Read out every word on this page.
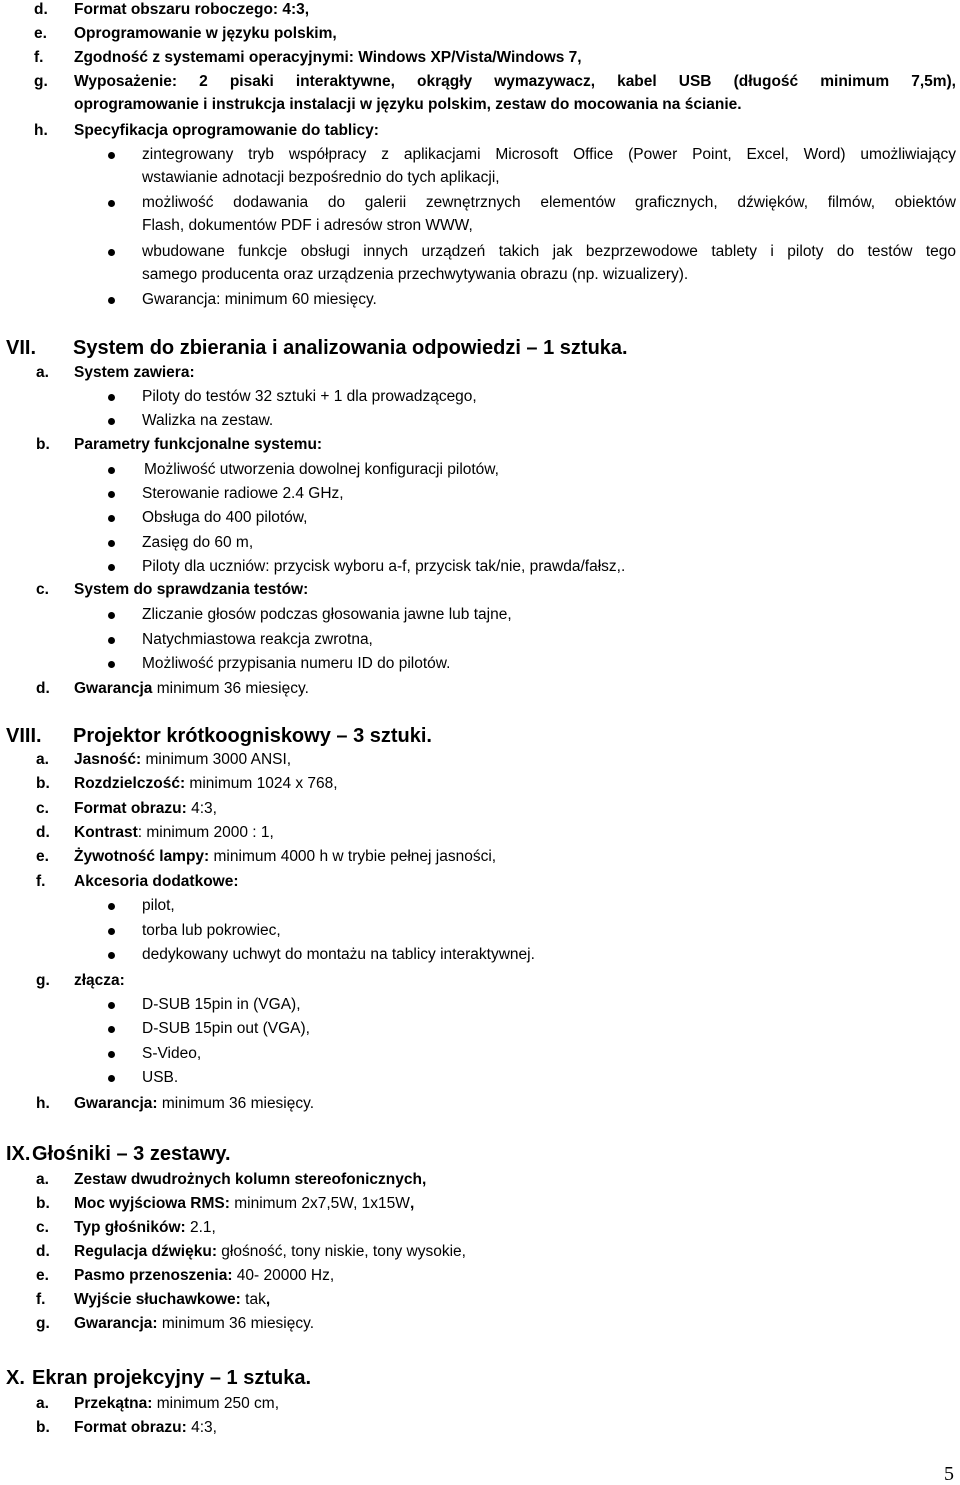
d. Format obszaru roboczego: 4:3,
e. Oprogramowanie w języku polskim,
f. Zgodność z systemami operacyjnymi: Windows XP/Vista/Windows 7,
g. Wyposażenie: 2 pisaki interaktywne, okrągły wymazywacz, kabel USB (długość minimum 7,5m),
oprogramowanie i instrukcja instalacji w języku polskim, zestaw do mocowania na ścianie.
h. Specyfikacja oprogramowanie do tablicy:
zintegrowany tryb współpracy z aplikacjami Microsoft Office (Power Point, Excel, Word) umożliwiający
wstawianie adnotacji bezpośrednio do tych aplikacji,
możliwość dodawania do galerii zewnętrznych elementów graficznych, dźwięków, filmów, obiektów
Flash, dokumentów PDF i adresów stron WWW,
wbudowane funkcje obsługi innych urządzeń takich jak bezprzewodowe tablety i piloty do testów tego
samego producenta oraz urządzenia przechwytywania obrazu (np. wizualizery).
Gwarancja: minimum 60 miesięcy.
VII. System do zbierania i analizowania odpowiedzi – 1 sztuka.
a. System zawiera:
Piloty do testów 32 sztuki + 1 dla prowadzącego,
Walizka na zestaw.
b. Parametry funkcjonalne systemu:
Możliwość utworzenia dowolnej konfiguracji pilotów,
Sterowanie radiowe 2.4 GHz,
Obsługa do 400 pilotów,
Zasięg do 60 m,
Piloty dla uczniów: przycisk wyboru a-f, przycisk tak/nie, prawda/fałsz,.
c. System do sprawdzania testów:
Zliczanie głosów podczas głosowania jawne lub tajne,
Natychmiastowa reakcja zwrotna,
Możliwość przypisania numeru ID do pilotów.
d. Gwarancja minimum 36 miesięcy.
VIII. Projektor krótkoogniskowy – 3 sztuki.
a. Jasność: minimum 3000 ANSI,
b. Rozdzielczość: minimum 1024 x 768,
c. Format obrazu: 4:3,
d. Kontrast: minimum 2000 : 1,
e. Żywotność lampy: minimum 4000 h w trybie pełnej jasności,
f. Akcesoria dodatkowe:
pilot,
torba lub pokrowiec,
dedykowany uchwyt do montażu na tablicy interaktywnej.
g. złącza:
D-SUB 15pin in (VGA),
D-SUB 15pin out (VGA),
S-Video,
USB.
h. Gwarancja: minimum 36 miesięcy.
IX. Głośniki – 3 zestawy.
a. Zestaw dwudrożnych kolumn stereofonicznych,
b. Moc wyjściowa RMS: minimum 2x7,5W, 1x15W,
c. Typ głośników: 2.1,
d. Regulacja dźwięku: głośność, tony niskie, tony wysokie,
e. Pasmo przenoszenia: 40- 20000 Hz,
f. Wyjście słuchawkowe: tak,
g. Gwarancja: minimum 36 miesięcy.
X. Ekran projekcyjny – 1 sztuka.
a. Przekątna: minimum 250 cm,
b. Format obrazu: 4:3,
5
